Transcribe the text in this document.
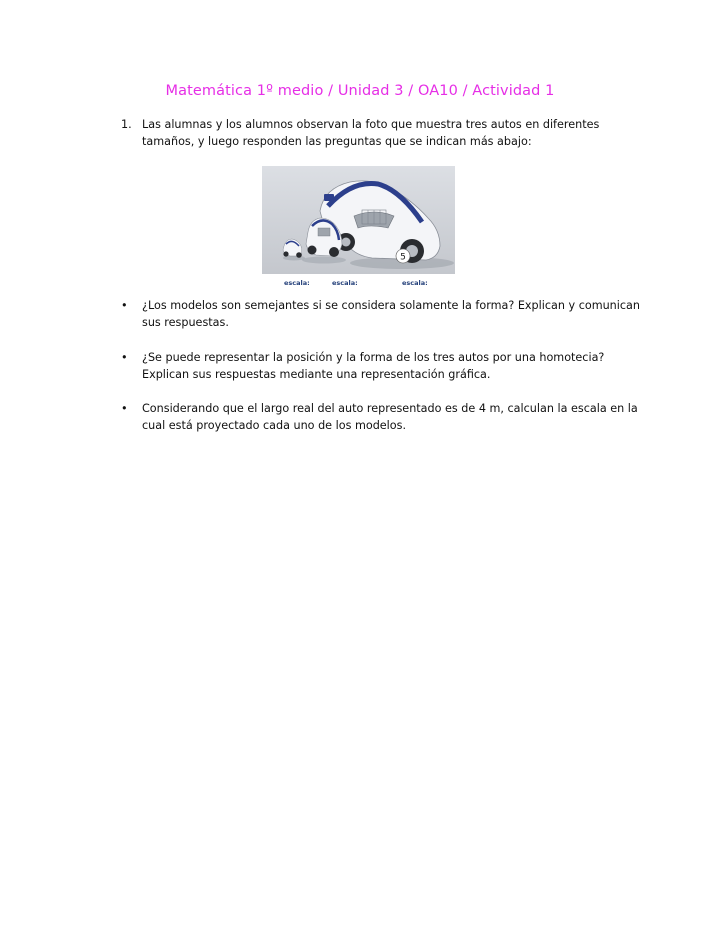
Matemática 1º medio / Unidad 3 / OA10 / Actividad 1
1. Las alumnas y los alumnos observan la foto que muestra tres autos en diferentes tamaños, y luego responden las preguntas que se indican más abajo:
5
escala:	escala:	escala:
• ¿Los modelos son semejantes si se considera solamente la forma? Explican y comunican sus respuestas.
• ¿Se puede representar la posición y la forma de los tres autos por una homotecia? Explican sus respuestas mediante una representación gráfica.
• Considerando que el largo real del auto representado es de 4 m, calculan la escala en la cual está proyectado cada uno de los modelos.
